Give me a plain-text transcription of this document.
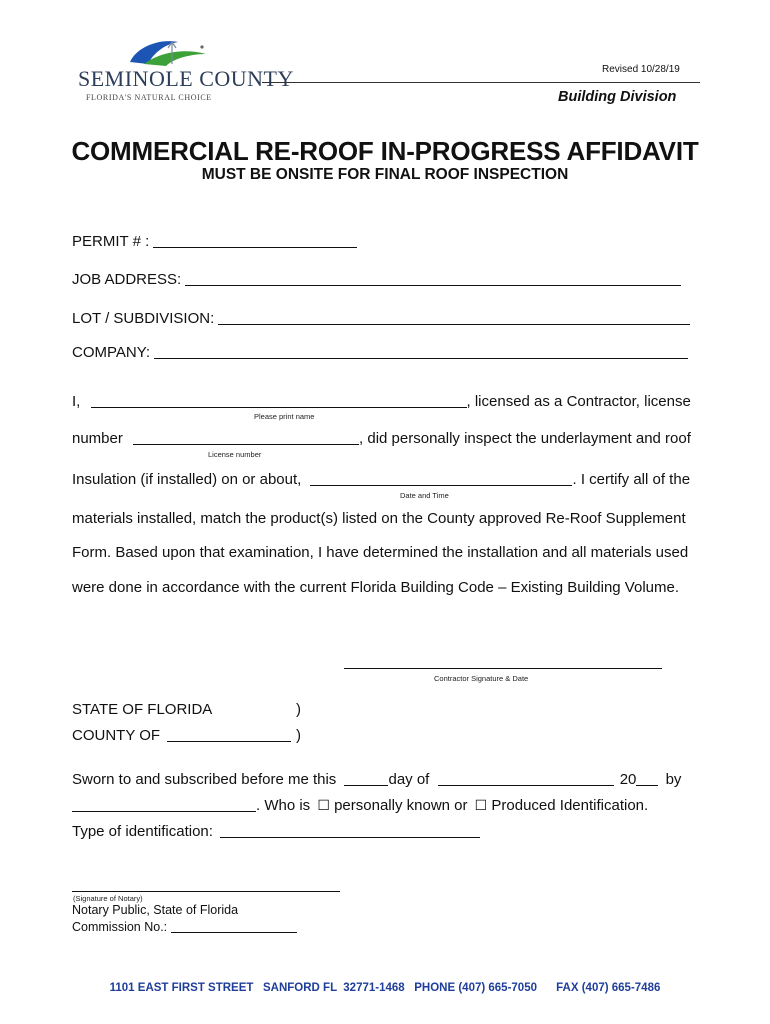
SEMINOLE COUNTY
FLORIDA'S NATURAL CHOICE
Revised 10/28/19
Building Division
COMMERCIAL RE-ROOF IN-PROGRESS AFFIDAVIT
MUST BE ONSITE FOR FINAL ROOF INSPECTION
PERMIT # :
JOB ADDRESS:
LOT / SUBDIVISION:
COMPANY:
I,	, licensed as a Contractor, license
Please print name
number	, did personally inspect the underlayment and roof
License number
Insulation (if installed) on or about,	. I certify all of the
Date and Time
materials installed, match the product(s) listed on the County approved Re-Roof Supplement
Form. Based upon that examination, I have determined the installation and all materials used
were done in accordance with the current Florida Building Code – Existing Building Volume.
Contractor Signature & Date
STATE OF FLORIDA	)
COUNTY OF	)
Sworn to and subscribed before me this	day of	20 by
. Who is ☐ personally known or ☐ Produced Identification.
Type of identification:
(Signature of Notary)
Notary Public, State of Florida
Commission No.:
1101 EAST FIRST STREET   SANFORD FL  32771-1468   PHONE (407) 665-7050      FAX (407) 665-7486
